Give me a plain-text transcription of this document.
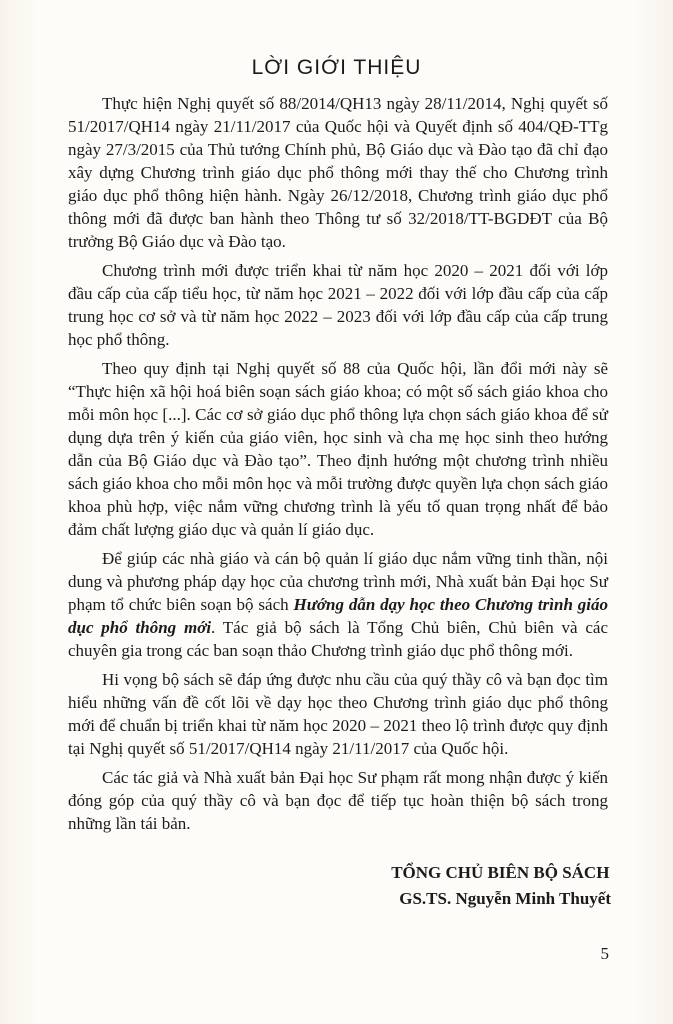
LỜI GIỚI THIỆU

Thực hiện Nghị quyết số 88/2014/QH13 ngày 28/11/2014, Nghị quyết số 51/2017/QH14 ngày 21/11/2017 của Quốc hội và Quyết định số 404/QĐ-TTg ngày 27/3/2015 của Thủ tướng Chính phủ, Bộ Giáo dục và Đào tạo đã chỉ đạo xây dựng Chương trình giáo dục phổ thông mới thay thế cho Chương trình giáo dục phổ thông hiện hành. Ngày 26/12/2018, Chương trình giáo dục phổ thông mới đã được ban hành theo Thông tư số 32/2018/TT-BGDĐT của Bộ trưởng Bộ Giáo dục và Đào tạo.

Chương trình mới được triển khai từ năm học 2020 – 2021 đối với lớp đầu cấp của cấp tiểu học, từ năm học 2021 – 2022 đối với lớp đầu cấp của cấp trung học cơ sở và từ năm học 2022 – 2023 đối với lớp đầu cấp của cấp trung học phổ thông.

Theo quy định tại Nghị quyết số 88 của Quốc hội, lần đổi mới này sẽ “Thực hiện xã hội hoá biên soạn sách giáo khoa; có một số sách giáo khoa cho mỗi môn học [...]. Các cơ sở giáo dục phổ thông lựa chọn sách giáo khoa để sử dụng dựa trên ý kiến của giáo viên, học sinh và cha mẹ học sinh theo hướng dẫn của Bộ Giáo dục và Đào tạo”. Theo định hướng một chương trình nhiều sách giáo khoa cho mỗi môn học và mỗi trường được quyền lựa chọn sách giáo khoa phù hợp, việc nắm vững chương trình là yếu tố quan trọng nhất để bảo đảm chất lượng giáo dục và quản lí giáo dục.

Để giúp các nhà giáo và cán bộ quản lí giáo dục nắm vững tinh thần, nội dung và phương pháp dạy học của chương trình mới, Nhà xuất bản Đại học Sư phạm tổ chức biên soạn bộ sách Hướng dẫn dạy học theo Chương trình giáo dục phổ thông mới. Tác giả bộ sách là Tổng Chủ biên, Chủ biên và các chuyên gia trong các ban soạn thảo Chương trình giáo dục phổ thông mới.

Hi vọng bộ sách sẽ đáp ứng được nhu cầu của quý thầy cô và bạn đọc tìm hiểu những vấn đề cốt lõi về dạy học theo Chương trình giáo dục phổ thông mới để chuẩn bị triển khai từ năm học 2020 – 2021 theo lộ trình được quy định tại Nghị quyết số 51/2017/QH14 ngày 21/11/2017 của Quốc hội.

Các tác giả và Nhà xuất bản Đại học Sư phạm rất mong nhận được ý kiến đóng góp của quý thầy cô và bạn đọc để tiếp tục hoàn thiện bộ sách trong những lần tái bản.

TỔNG CHỦ BIÊN BỘ SÁCH
GS.TS. Nguyễn Minh Thuyết
5
